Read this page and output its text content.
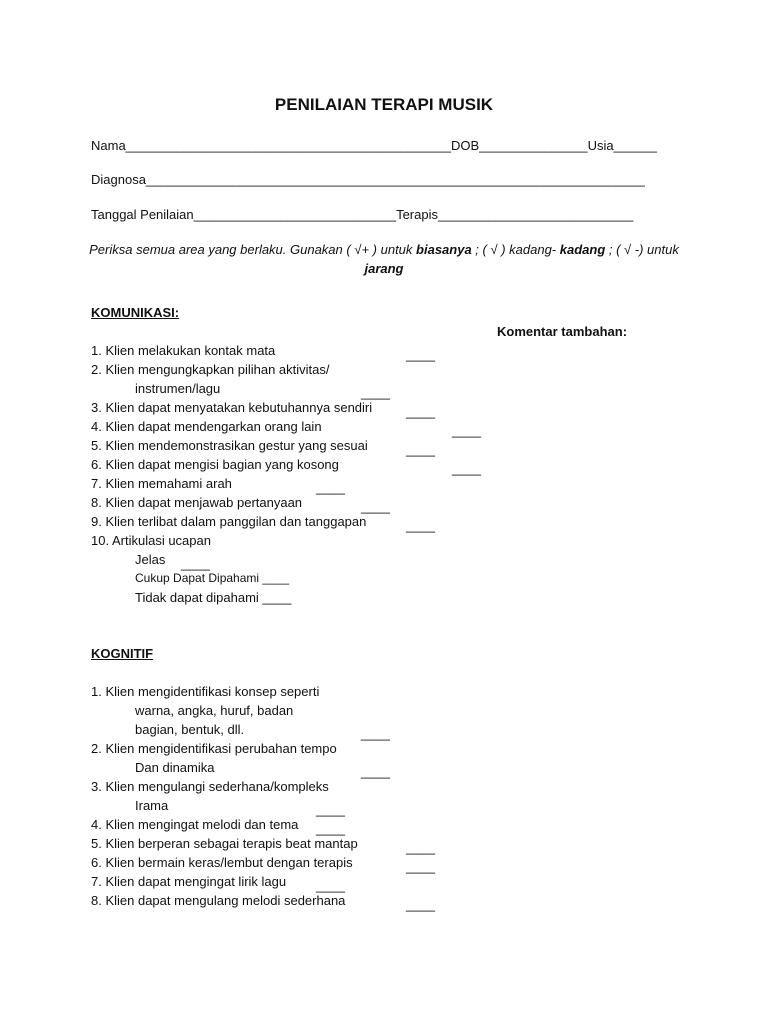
PENILAIAN TERAPI MUSIK
Nama_____________________________________________DOB_______________Usia______
Diagnosa_____________________________________________________________________
Tanggal Penilaian____________________________Terapis___________________________
Periksa semua area yang berlaku. Gunakan ( √+ ) untuk biasanya ; ( √ ) kadang- kadang ; ( √ -) untuk jarang
KOMUNIKASI:
Komentar tambahan:
1. Klien melakukan kontak mata	____
2. Klien mengungkapkan pilihan aktivitas/
instrumen/lagu	____
3. Klien dapat menyatakan kebutuhannya sendiri	____
4. Klien dapat mendengarkan orang lain	____
5. Klien mendemonstrasikan gestur yang sesuai	____
6. Klien dapat mengisi bagian yang kosong	____
7. Klien memahami arah	____
8. Klien dapat menjawab pertanyaan	____
9. Klien terlibat dalam panggilan dan tanggapan	____
10. Artikulasi ucapan
Jelas ____
Cukup Dapat Dipahami ____
Tidak dapat dipahami ____
KOGNITIF
1. Klien mengidentifikasi konsep seperti
warna, angka, huruf, badan
bagian, bentuk, dll.	____
2. Klien mengidentifikasi perubahan tempo
Dan dinamika	____
3. Klien mengulangi sederhana/kompleks
Irama	____
4. Klien mengingat melodi dan tema ____
5. Klien berperan sebagai terapis beat mantap	____
6. Klien bermain keras/lembut dengan terapis	____
7. Klien dapat mengingat lirik lagu ____
8. Klien dapat mengulang melodi sederhana	____
